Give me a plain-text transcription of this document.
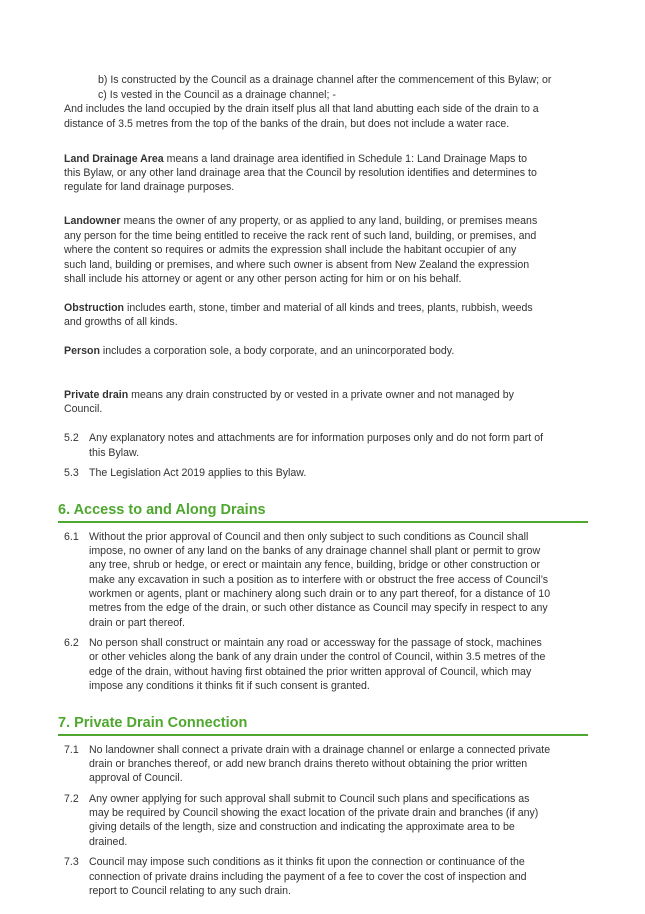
b) Is constructed by the Council as a drainage channel after the commencement of this Bylaw; or

c) Is vested in the Council as a drainage channel; -

And includes the land occupied by the drain itself plus all that land abutting each side of the drain to a

distance of 3.5 metres from the top of the banks of the drain, but does not include a water race.

Land Drainage Area means a land drainage area identified in Schedule 1: Land Drainage Maps to

this Bylaw, or any other land drainage area that the Council by resolution identifies and determines to

regulate for land drainage purposes.

Landowner means the owner of any property, or as applied to any land, building, or premises means

any person for the time being entitled to receive the rack rent of such land, building, or premises, and

where the content so requires or admits the expression shall include the habitant occupier of any

such land, building or premises, and where such owner is absent from New Zealand the expression

shall include his attorney or agent or any other person acting for him or on his behalf.

Obstruction includes earth, stone, timber and material of all kinds and trees, plants, rubbish, weeds

and growths of all kinds.

Person includes a corporation sole, a body corporate, and an unincorporated body.

Private drain means any drain constructed by or vested in a private owner and not managed by

Council.

5.2 Any explanatory notes and attachments are for information purposes only and do not form part of

this Bylaw.

5.3 The Legislation Act 2019 applies to this Bylaw.

6. Access to and Along Drains

6.1 Without the prior approval of Council and then only subject to such conditions as Council shall

impose, no owner of any land on the banks of any drainage channel shall plant or permit to grow

any tree, shrub or hedge, or erect or maintain any fence, building, bridge or other construction or

make any excavation in such a position as to interfere with or obstruct the free access of Council’s

workmen or agents, plant or machinery along such drain or to any part thereof, for a distance of 10

metres from the edge of the drain, or such other distance as Council may specify in respect to any

drain or part thereof.

6.2 No person shall construct or maintain any road or accessway for the passage of stock, machines

or other vehicles along the bank of any drain under the control of Council, within 3.5 metres of the

edge of the drain, without having first obtained the prior written approval of Council, which may

impose any conditions it thinks fit if such consent is granted.

7. Private Drain Connection

7.1 No landowner shall connect a private drain with a drainage channel or enlarge a connected private

drain or branches thereof, or add new branch drains thereto without obtaining the prior written

approval of Council.

7.2 Any owner applying for such approval shall submit to Council such plans and specifications as

may be required by Council showing the exact location of the private drain and branches (if any)

giving details of the length, size and construction and indicating the approximate area to be

drained.

7.3 Council may impose such conditions as it thinks fit upon the connection or continuance of the

connection of private drains including the payment of a fee to cover the cost of inspection and

report to Council relating to any such drain.
